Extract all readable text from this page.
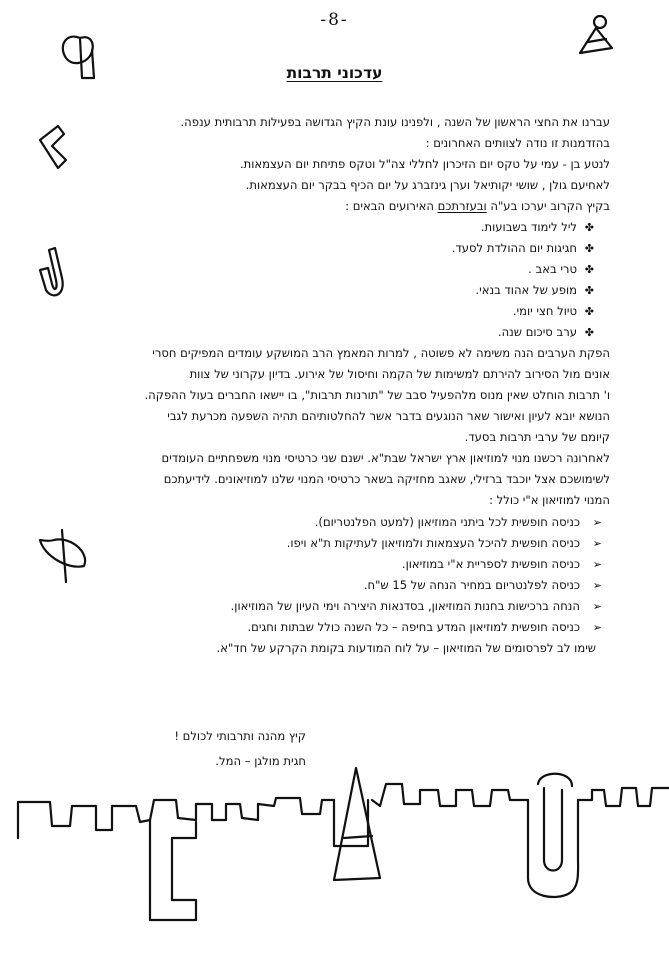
-8-
עדכוני תרבות

עברנו את החצי הראשון של השנה , ולפנינו עונת הקיץ הגדושה בפעילות תרבותית ענפה.

בהזדמנות זו נודה לצוותים האחרונים :

לנטע בן - עמי על טקס יום הזיכרון לחללי צה"ל וטקס פתיחת יום העצמאות.

לאחיעם גולן , שושי יקותיאל וערן גינזברג על יום הכיף בבקר יום העצמאות.

בקיץ הקרוב יערכו בע"ה ובעזרתכם האירועים הבאים :

✤
ליל לימוד בשבועות.
✤
חגיגות יום ההולדת לסעד.
✤
טרי באב .
✤
מופע של אהוד בנאי.
✤
טיול חצי יומי.
✤
ערב סיכום שנה.

הפקת הערבים הנה משימה לא פשוטה , למרות המאמץ הרב המושקע עומדים המפיקים חסרי

אונים מול הסירוב להירתם למשימות של הקמה וחיסול של אירוע. בדיון עקרוני של צוות

ו' תרבות הוחלט שאין מנוס מלהפעיל סבב של "תורנות תרבות", בו יישאו החברים בעול ההפקה.

הנושא יובא לעיון ואישור שאר הנוגעים בדבר אשר להחלטותיהם תהיה השפעה מכרעת לגבי

קיומם של ערבי תרבות בסעד.

לאחרונה רכשנו מנוי למוזיאון ארץ ישראל שבת"א. ישנם שני כרטיסי מנוי משפחתיים העומדים

לשימושכם אצל יוכבד ברזילי, שאגב מחזיקה בשאר כרטיסי המנוי שלנו למוזיאונים. לידיעתכם

המנוי למוזיאון א"י כולל :

➢
כניסה חופשית לכל ביתני המוזיאון (למעט הפלנטריום).
➢
כניסה חופשית להיכל העצמאות ולמוזיאון לעתיקות ת"א ויפו.
➢
כניסה חופשית לספריית א"י במוזיאון.
➢
כניסה לפלנטריום במחיר הנחה של 15 ש"ח.
➢
הנחה ברכישות בחנות המוזיאון, בסדנאות היצירה וימי העיון של המוזיאון.
➢
כניסה חופשית למוזיאון המדע בחיפה – כל השנה כולל שבתות וחגים.

שימו לב לפרסומים של המוזיאון – על לוח המודעות בקומת הקרקע של חד"א.

קיץ מהנה ותרבותי לכולם !
חגית מולגן – המל.
